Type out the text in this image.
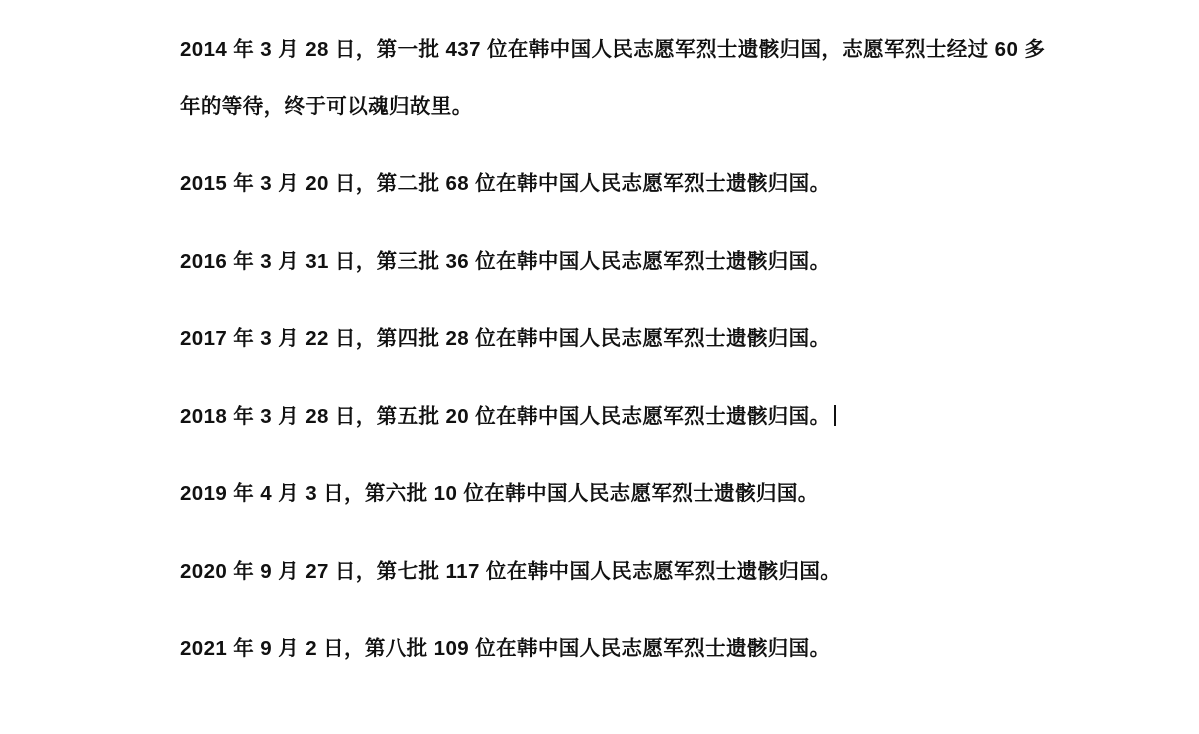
2014 年 3 月 28 日，第一批 437 位在韩中国人民志愿军烈士遗骸归国，志愿军烈士经过 60 多年的等待，终于可以魂归故里。

2015 年 3 月 20 日，第二批 68 位在韩中国人民志愿军烈士遗骸归国。

2016 年 3 月 31 日，第三批 36 位在韩中国人民志愿军烈士遗骸归国。

2017 年 3 月 22 日，第四批 28 位在韩中国人民志愿军烈士遗骸归国。

2018 年 3 月 28 日，第五批 20 位在韩中国人民志愿军烈士遗骸归国。

2019 年 4 月 3 日，第六批 10 位在韩中国人民志愿军烈士遗骸归国。

2020 年 9 月 27 日，第七批 117 位在韩中国人民志愿军烈士遗骸归国。

2021 年 9 月 2 日，第八批 109 位在韩中国人民志愿军烈士遗骸归国。
